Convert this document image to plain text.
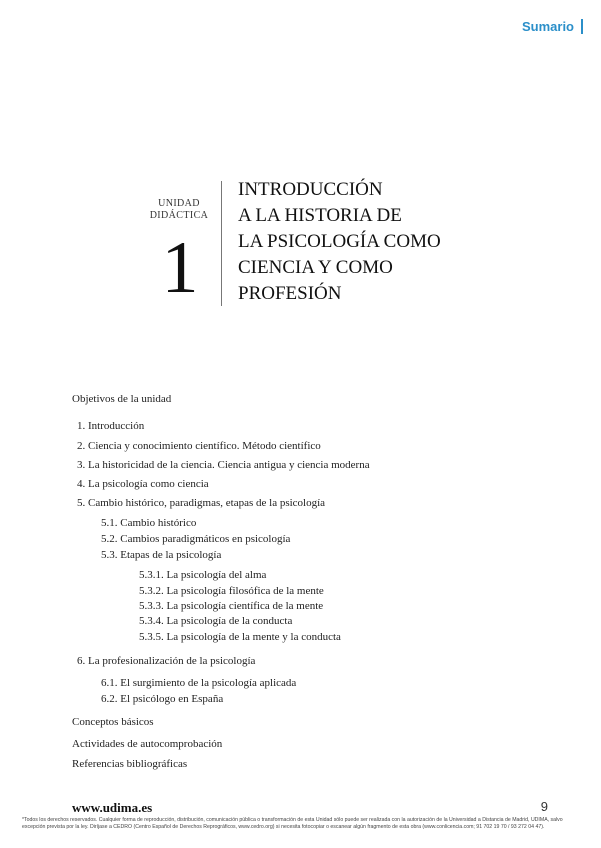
Sumario
UNIDAD
DIDÁCTICA
1
INTRODUCCIÓN
A LA HISTORIA DE
LA PSICOLOGÍA COMO
CIENCIA Y COMO
PROFESIÓN
Objetivos de la unidad
1. Introducción
2. Ciencia y conocimiento científico. Método científico
3. La historicidad de la ciencia. Ciencia antigua y ciencia moderna
4. La psicología como ciencia
5. Cambio histórico, paradigmas, etapas de la psicología
5.1. Cambio histórico
5.2. Cambios paradigmáticos en psicología
5.3. Etapas de la psicología
5.3.1. La psicología del alma
5.3.2. La psicología filosófica de la mente
5.3.3. La psicología científica de la mente
5.3.4. La psicología de la conducta
5.3.5. La psicología de la mente y la conducta
6. La profesionalización de la psicología
6.1. El surgimiento de la psicología aplicada
6.2. El psicólogo en España
Conceptos básicos
Actividades de autocomprobación
Referencias bibliográficas
www.udima.es	9
*Todos los derechos reservados. Cualquier forma de reproducción, distribución, comunicación pública o transformación de esta Unidad sólo puede ser realizada con la autorización de la Universidad a Distancia de Madrid, UDIMA, salvo excepción prevista por la ley. Diríjase a CEDRO (Centro Español de Derechos Reprográficos, www.cedro.org) si necesita fotocopiar o escanear algún fragmento de esta obra (www.conlicencia.com; 91 702 19 70 / 93 272 04 47).
